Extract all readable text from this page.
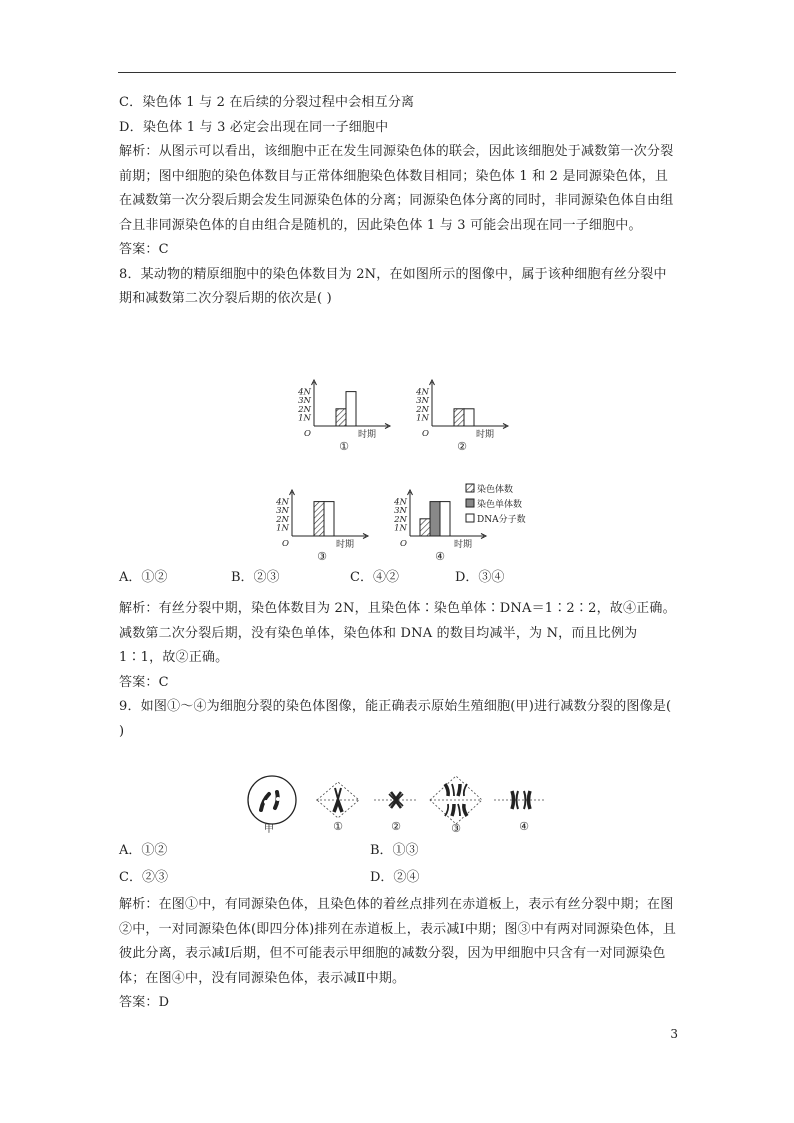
C．染色体 1 与 2 在后续的分裂过程中会相互分离

D．染色体 1 与 3 必定会出现在同一子细胞中

解析：从图示可以看出，该细胞中正在发生同源染色体的联会，因此该细胞处于减数第一次分裂前期；图中细胞的染色体数目与正常体细胞染色体数目相同；染色体 1 和 2 是同源染色体，且在减数第一次分裂后期会发生同源染色体的分离；同源染色体分离的同时，非同源染色体自由组合且非同源染色体的自由组合是随机的，因此染色体 1 与 3 可能会出现在同一子细胞中。

答案：C

8．某动物的精原细胞中的染色体数目为 2N，在如图所示的图像中，属于该种细胞有丝分裂中期和减数第二次分裂后期的依次是( )

4N
3N
2N
1N
O	时期
①
4N
3N
2N
1N
O	时期
②
4N
3N
2N
1N
O	时期
③
4N
3N
2N
1N
O	时期
④
染色体数
染色单体数
DNA分子数
A．①②	B．②③	C．④②	D．③④

解析：有丝分裂中期，染色体数目为 2N，且染色体∶染色单体∶DNA＝1∶2∶2，故④正确。

减数第二次分裂后期，没有染色单体，染色体和 DNA 的数目均减半，为 N，而且比例为

1∶1，故②正确。

答案：C

9．如图①～④为细胞分裂的染色体图像，能正确表示原始生殖细胞(甲)进行减数分裂的图像是( )

甲	①	②	③	④
A．①②	B．①③
C．②③	D．②④

解析：在图①中，有同源染色体，且染色体的着丝点排列在赤道板上，表示有丝分裂中期；在图②中，一对同源染色体(即四分体)排列在赤道板上，表示减Ⅰ中期；图③中有两对同源染色体，且彼此分离，表示减Ⅰ后期，但不可能表示甲细胞的减数分裂，因为甲细胞中只含有一对同源染色体；在图④中，没有同源染色体，表示减Ⅱ中期。

答案：D

3
